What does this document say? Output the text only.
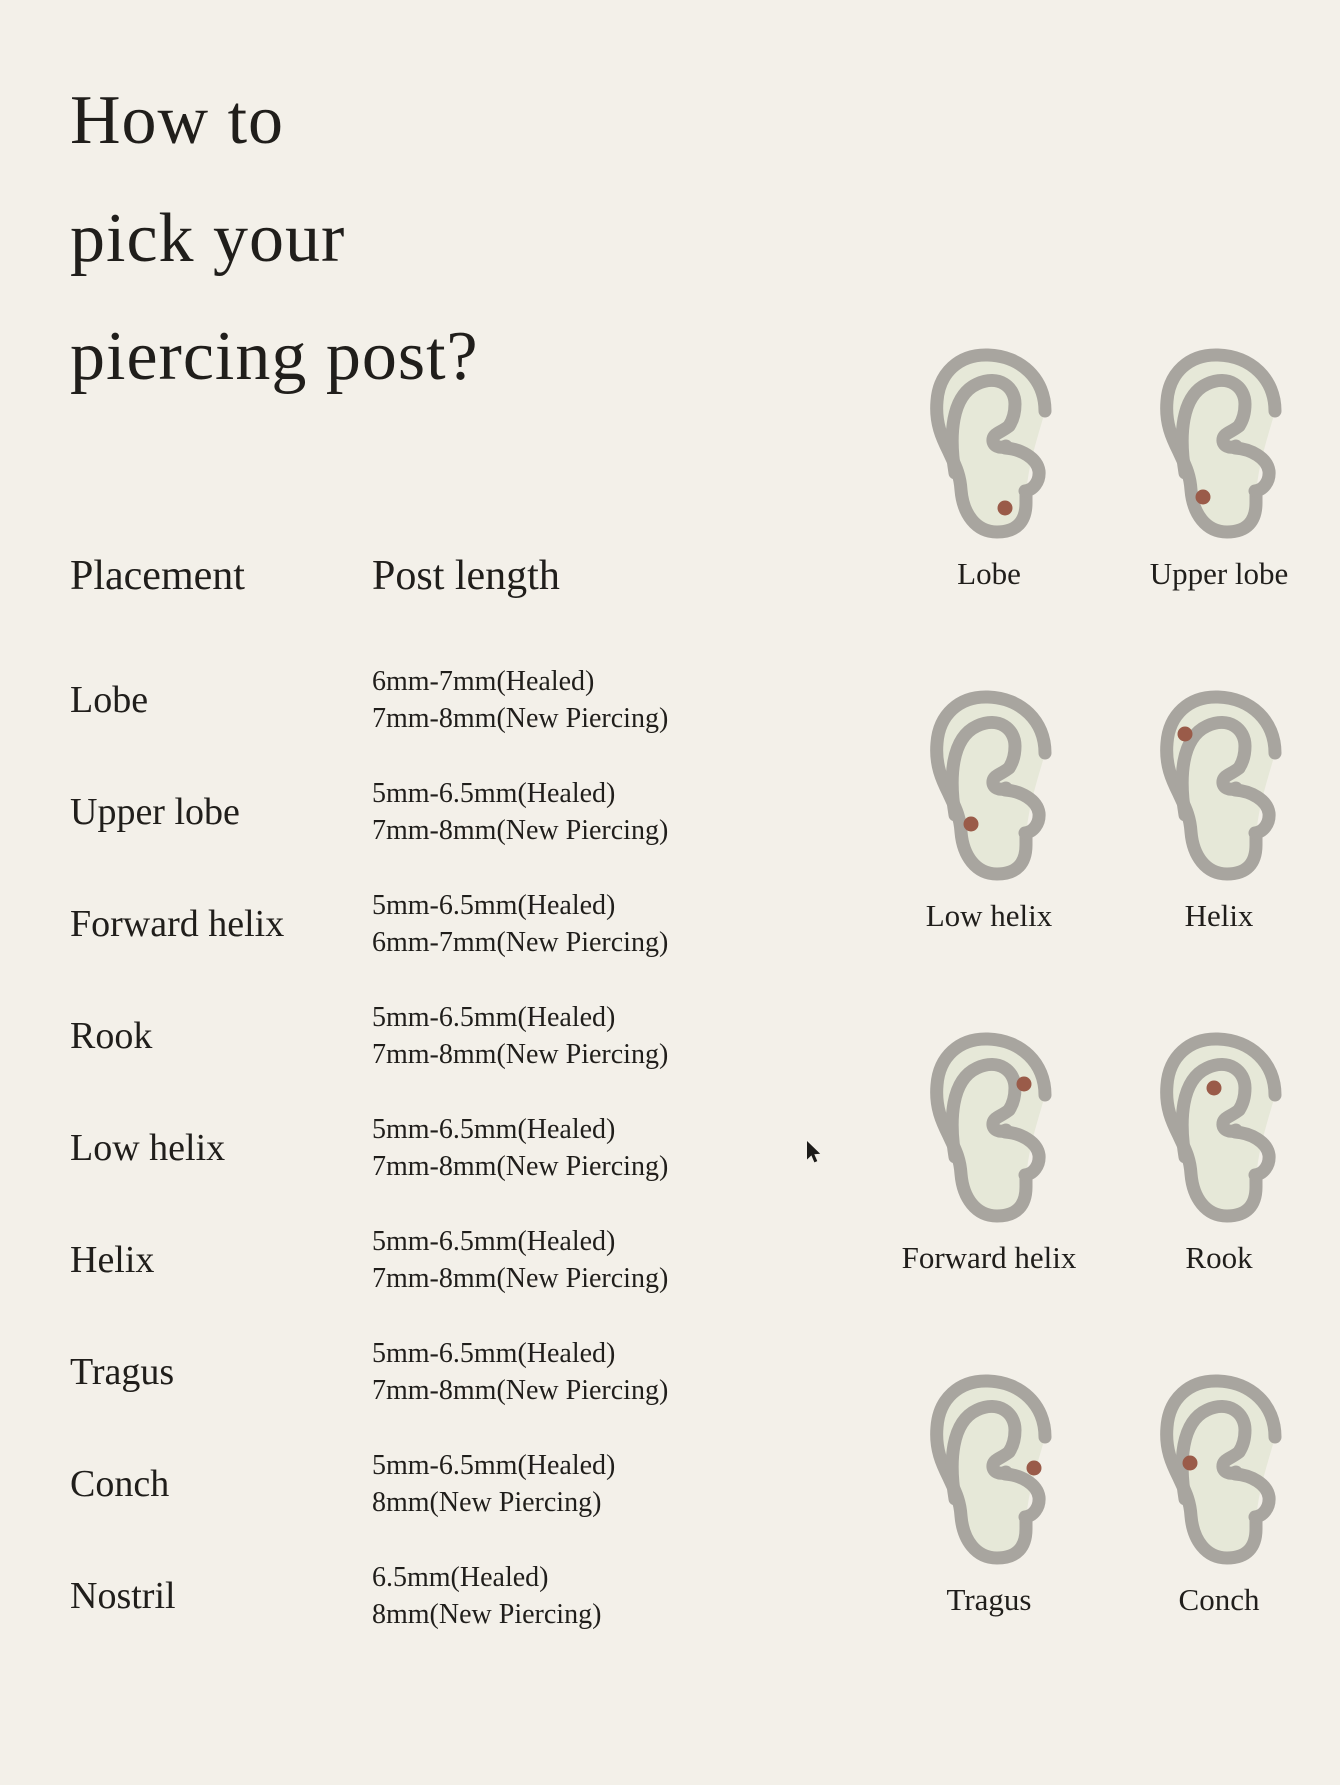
How to
pick your
piercing post?
Placement	Post length
Lobe	6mm-7mm(Healed)
7mm-8mm(New Piercing)
Upper lobe	5mm-6.5mm(Healed)
7mm-8mm(New Piercing)
Forward helix	5mm-6.5mm(Healed)
6mm-7mm(New Piercing)
Rook	5mm-6.5mm(Healed)
7mm-8mm(New Piercing)
Low helix	5mm-6.5mm(Healed)
7mm-8mm(New Piercing)
Helix	5mm-6.5mm(Healed)
7mm-8mm(New Piercing)
Tragus	5mm-6.5mm(Healed)
7mm-8mm(New Piercing)
Conch	5mm-6.5mm(Healed)
8mm(New Piercing)
Nostril	6.5mm(Healed)
8mm(New Piercing)
Lobe	Upper lobe
Low helix	Helix
Forward helix	Rook
Tragus	Conch
